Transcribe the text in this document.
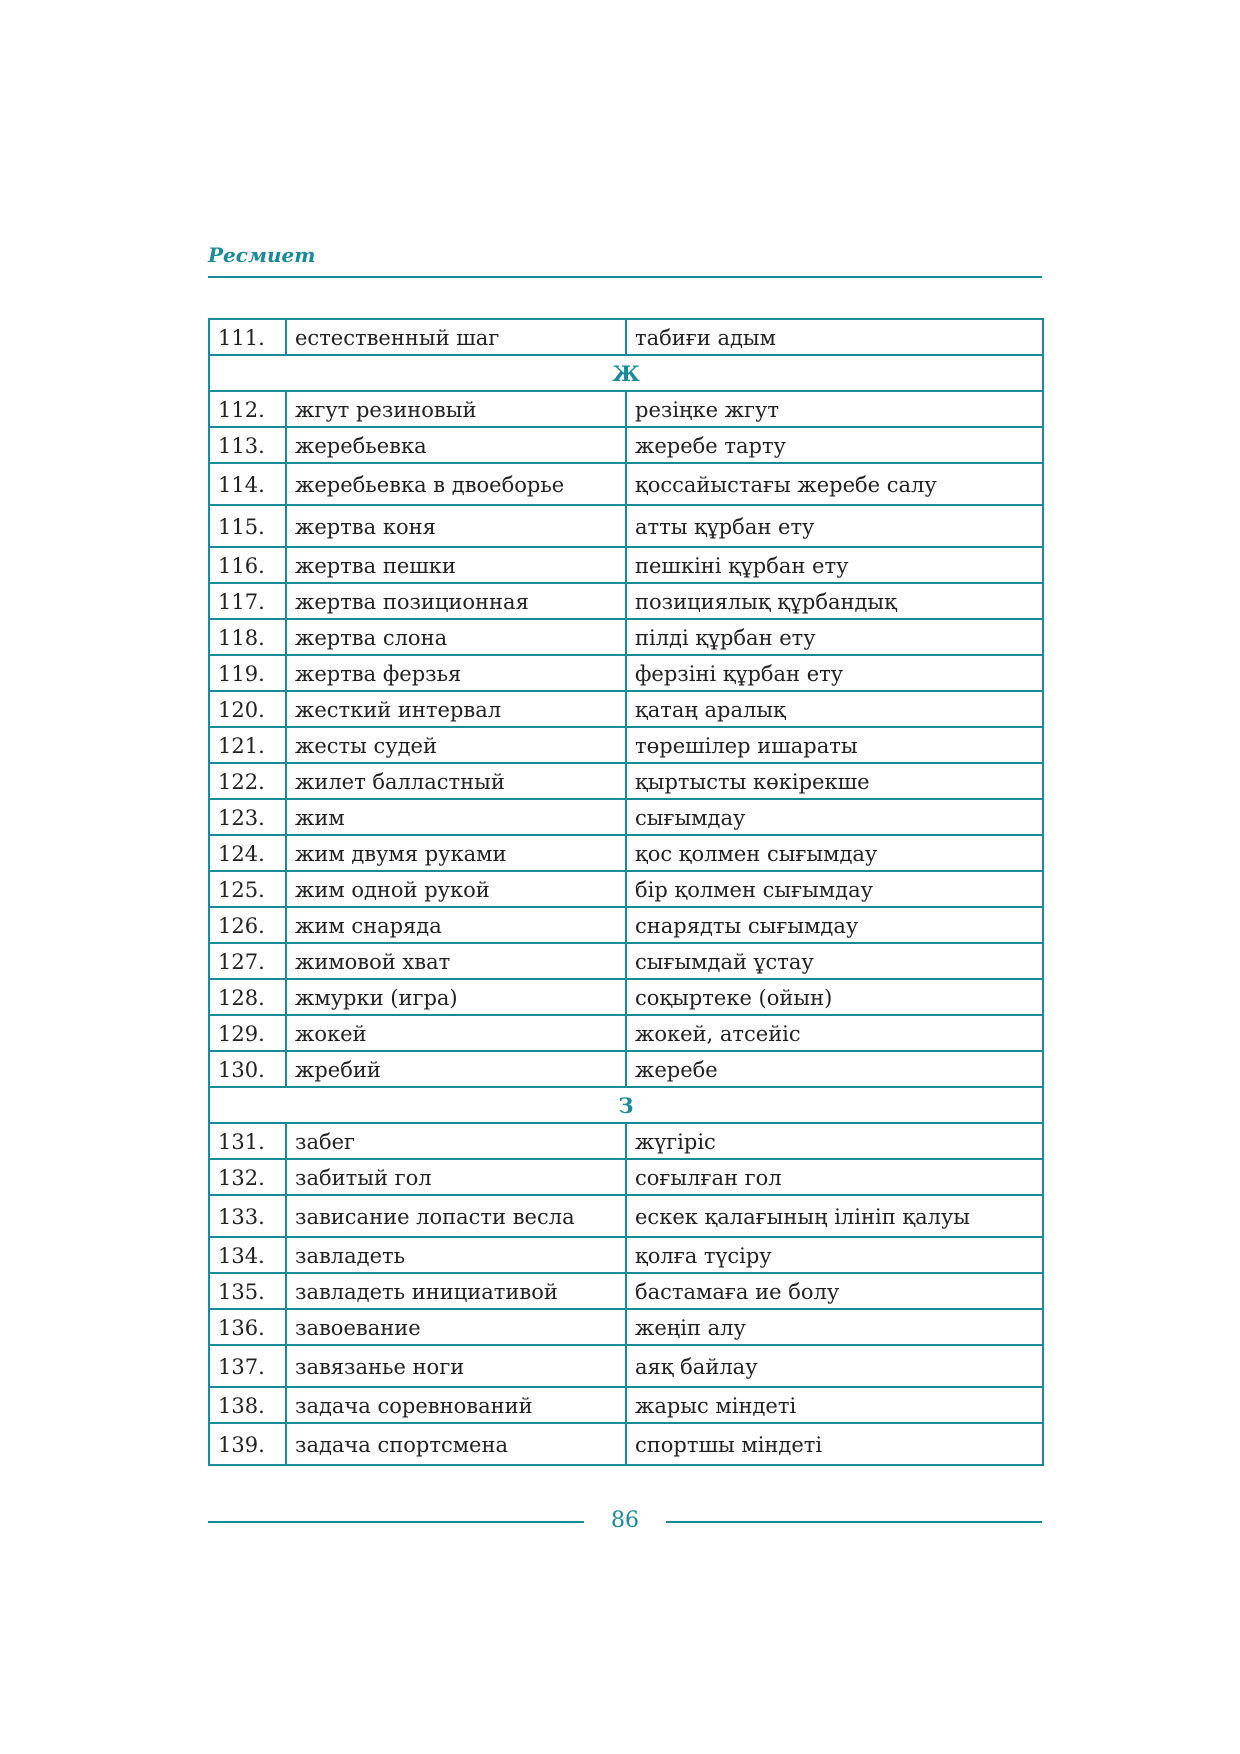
Ресмиет
111.	естественный шаг	табиғи адым
Ж		
112.	жгут резиновый	резіңке жгут
113.	жеребьевка	жеребе тарту
114.	жеребьевка в двоеборье	қоссайыстағы жеребе салу
115.	жертва коня	атты құрбан ету
116.	жертва пешки	пешкіні құрбан ету
117.	жертва позиционная	позициялық құрбандық
118.	жертва слона	пілді құрбан ету
119.	жертва ферзья	ферзіні құрбан ету
120.	жесткий интервал	қатаң аралық
121.	жесты судей	төрешілер ишараты
122.	жилет балластный	қыртысты көкірекше
123.	жим	сығымдау
124.	жим двумя руками	қос қолмен сығымдау
125.	жим одной рукой	бір қолмен сығымдау
126.	жим снаряда	снарядты сығымдау
127.	жимовой хват	сығымдай ұстау
128.	жмурки (игра)	соқыртеке (ойын)
129.	жокей	жокей, атсейіс
130.	жребий	жеребе
З		
131.	забег	жүгіріс
132.	забитый гол	соғылған гол
133.	зависание лопасти весла	ескек қалағының ілініп қалуы
134.	завладеть	қолға түсіру
135.	завладеть инициативой	бастамаға ие болу
136.	завоевание	жеңіп алу
137.	завязанье ноги	аяқ байлау
138.	задача соревнований	жарыс міндеті
139.	задача спортсмена	спортшы міндеті
86
